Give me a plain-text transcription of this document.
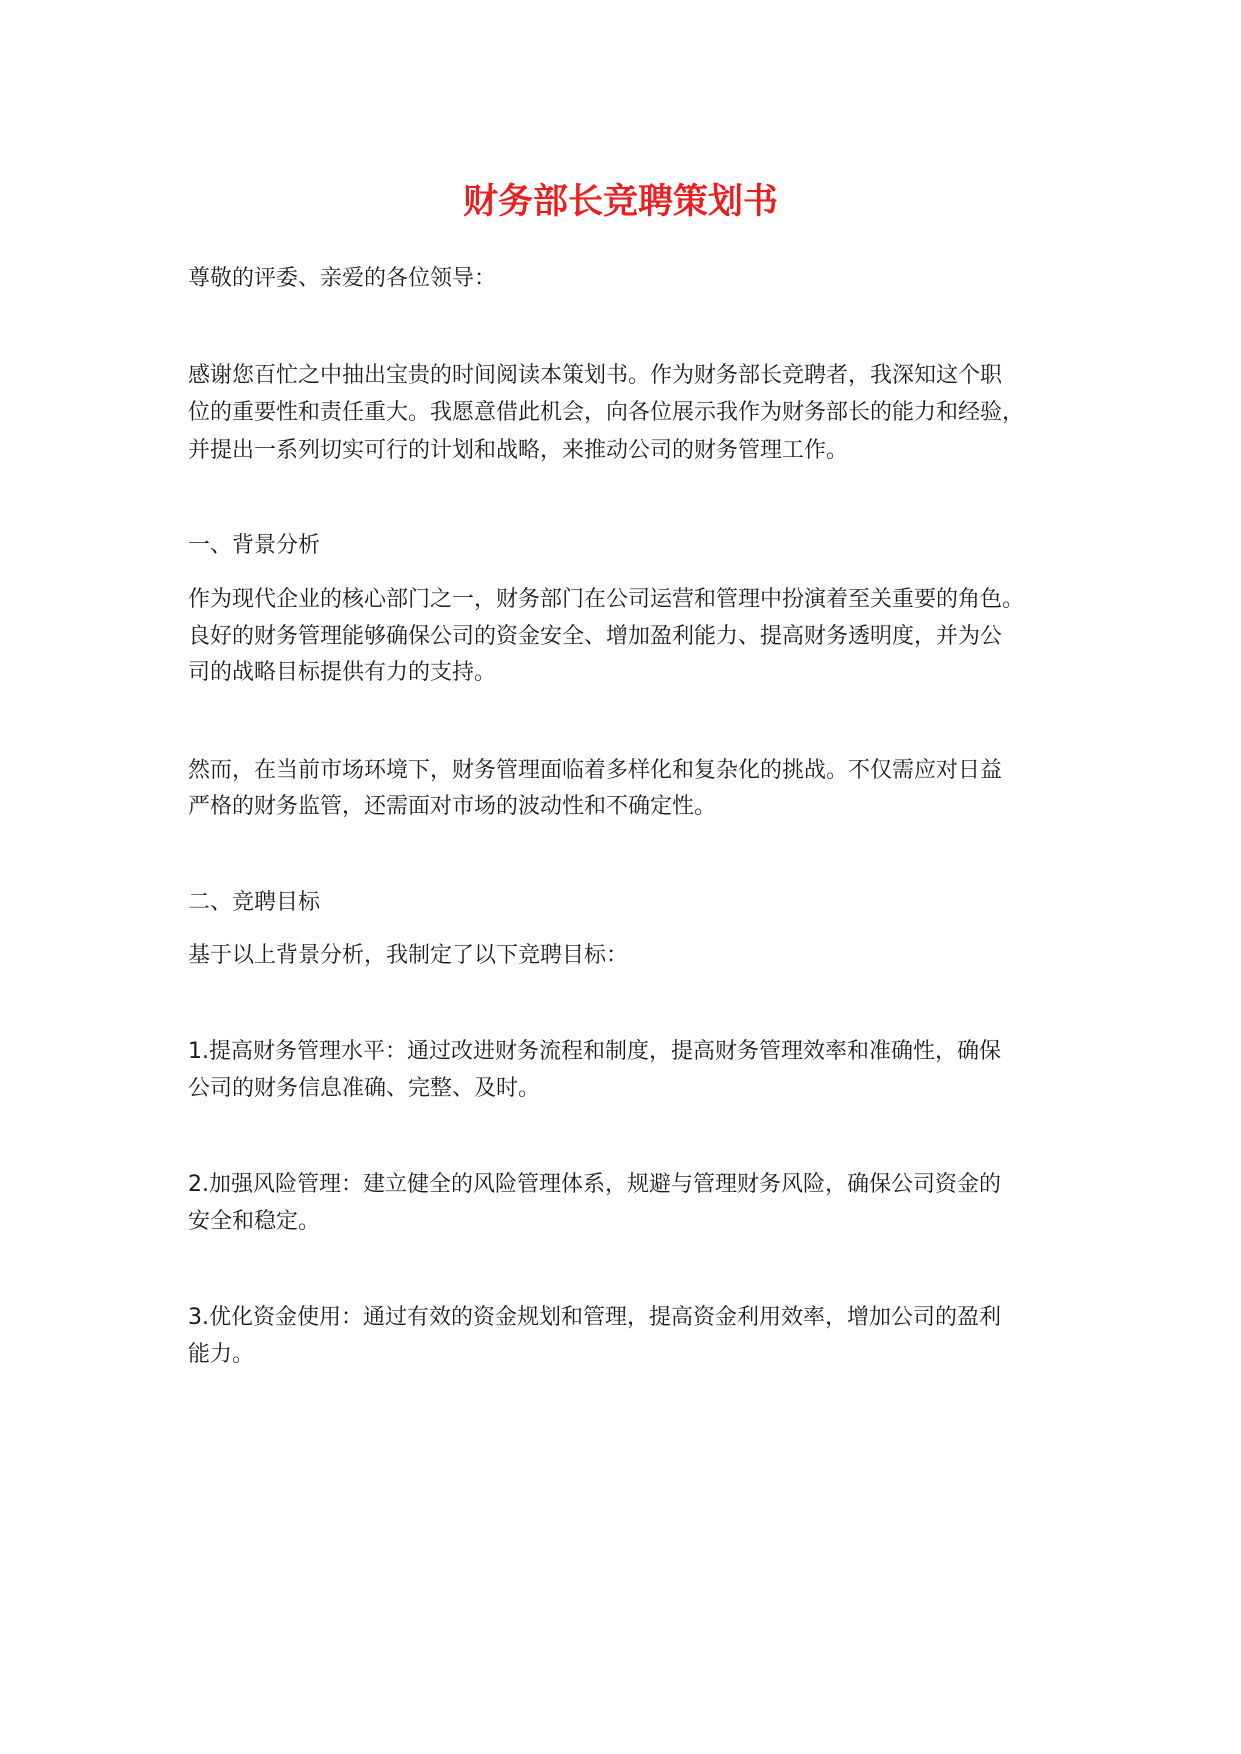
财务部长竞聘策划书
尊敬的评委、亲爱的各位领导：
感谢您百忙之中抽出宝贵的时间阅读本策划书。作为财务部长竞聘者，我深知这个职
位的重要性和责任重大。我愿意借此机会，向各位展示我作为财务部长的能力和经验，
并提出一系列切实可行的计划和战略，来推动公司的财务管理工作。
一、背景分析
作为现代企业的核心部门之一，财务部门在公司运营和管理中扮演着至关重要的角色。
良好的财务管理能够确保公司的资金安全、增加盈利能力、提高财务透明度，并为公
司的战略目标提供有力的支持。
然而，在当前市场环境下，财务管理面临着多样化和复杂化的挑战。不仅需应对日益
严格的财务监管，还需面对市场的波动性和不确定性。
二、竞聘目标
基于以上背景分析，我制定了以下竞聘目标：
1.提高财务管理水平：通过改进财务流程和制度，提高财务管理效率和准确性，确保
公司的财务信息准确、完整、及时。
2.加强风险管理：建立健全的风险管理体系，规避与管理财务风险，确保公司资金的
安全和稳定。
3.优化资金使用：通过有效的资金规划和管理，提高资金利用效率，增加公司的盈利
能力。
